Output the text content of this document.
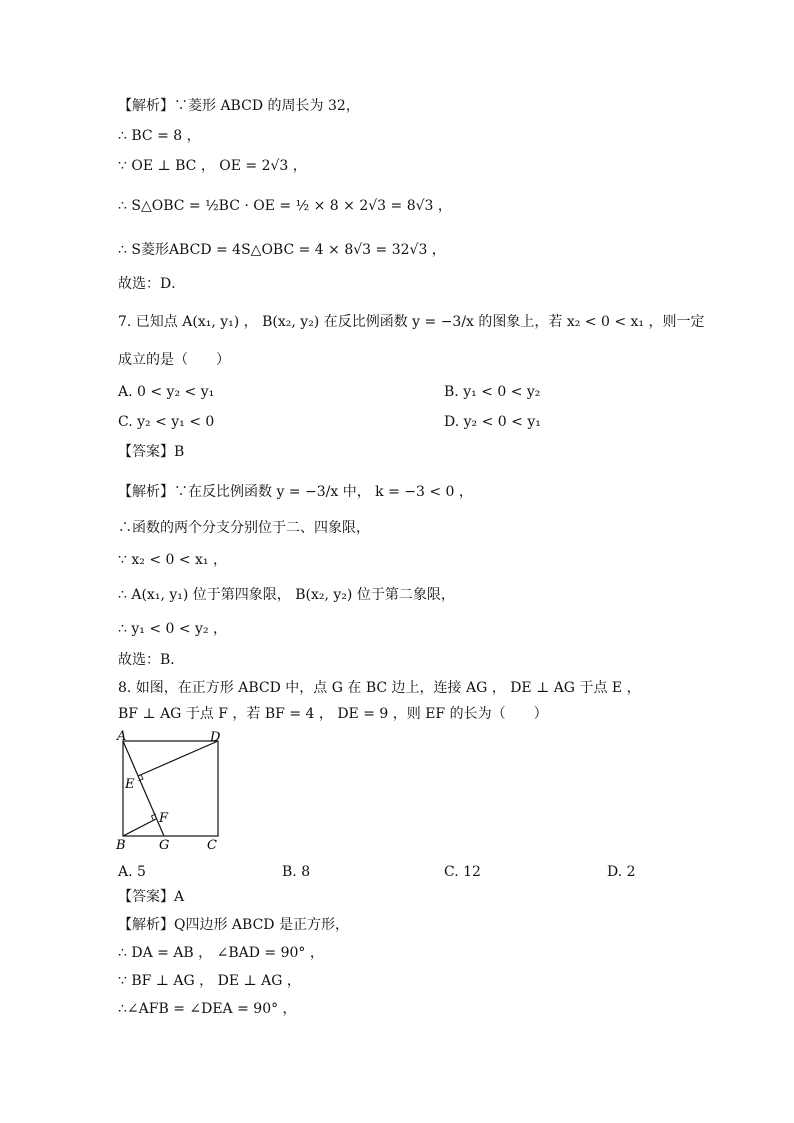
【解析】∵菱形 ABCD 的周长为 32，
∴ BC = 8 ，
∵ OE ⊥ BC ， OE = 2√3 ，
∴ S△OBC = ½BC · OE = ½ × 8 × 2√3 = 8√3 ，
∴ S菱形ABCD = 4S△OBC = 4 × 8√3 = 32√3 ，
故选：D．
7. 已知点 A(x₁, y₁) ， B(x₂, y₂) 在反比例函数 y = −3/x 的图象上，若 x₂ < 0 < x₁ ，则一定
成立的是（　　）
A. 0 < y₂ < y₁	B. y₁ < 0 < y₂
C. y₂ < y₁ < 0	D. y₂ < 0 < y₁
【答案】B
【解析】∵在反比例函数 y = −3/x 中， k = −3 < 0 ，
∴函数的两个分支分别位于二、四象限，
∵ x₂ < 0 < x₁ ，
∴ A(x₁, y₁) 位于第四象限， B(x₂, y₂) 位于第二象限，
∴ y₁ < 0 < y₂ ，
故选：B．
8. 如图，在正方形 ABCD 中，点 G 在 BC 边上，连接 AG ， DE ⊥ AG 于点 E ，
BF ⊥ AG 于点 F ，若 BF = 4 ， DE = 9 ，则 EF 的长为（　　）
A	D
E
F
B	G	C
A. 5	B. 8	C. 12	D. 2
【答案】A
【解析】Q四边形 ABCD 是正方形，
∴ DA = AB ， ∠BAD = 90° ，
∵ BF ⊥ AG ， DE ⊥ AG ，
∴∠AFB = ∠DEA = 90° ，
